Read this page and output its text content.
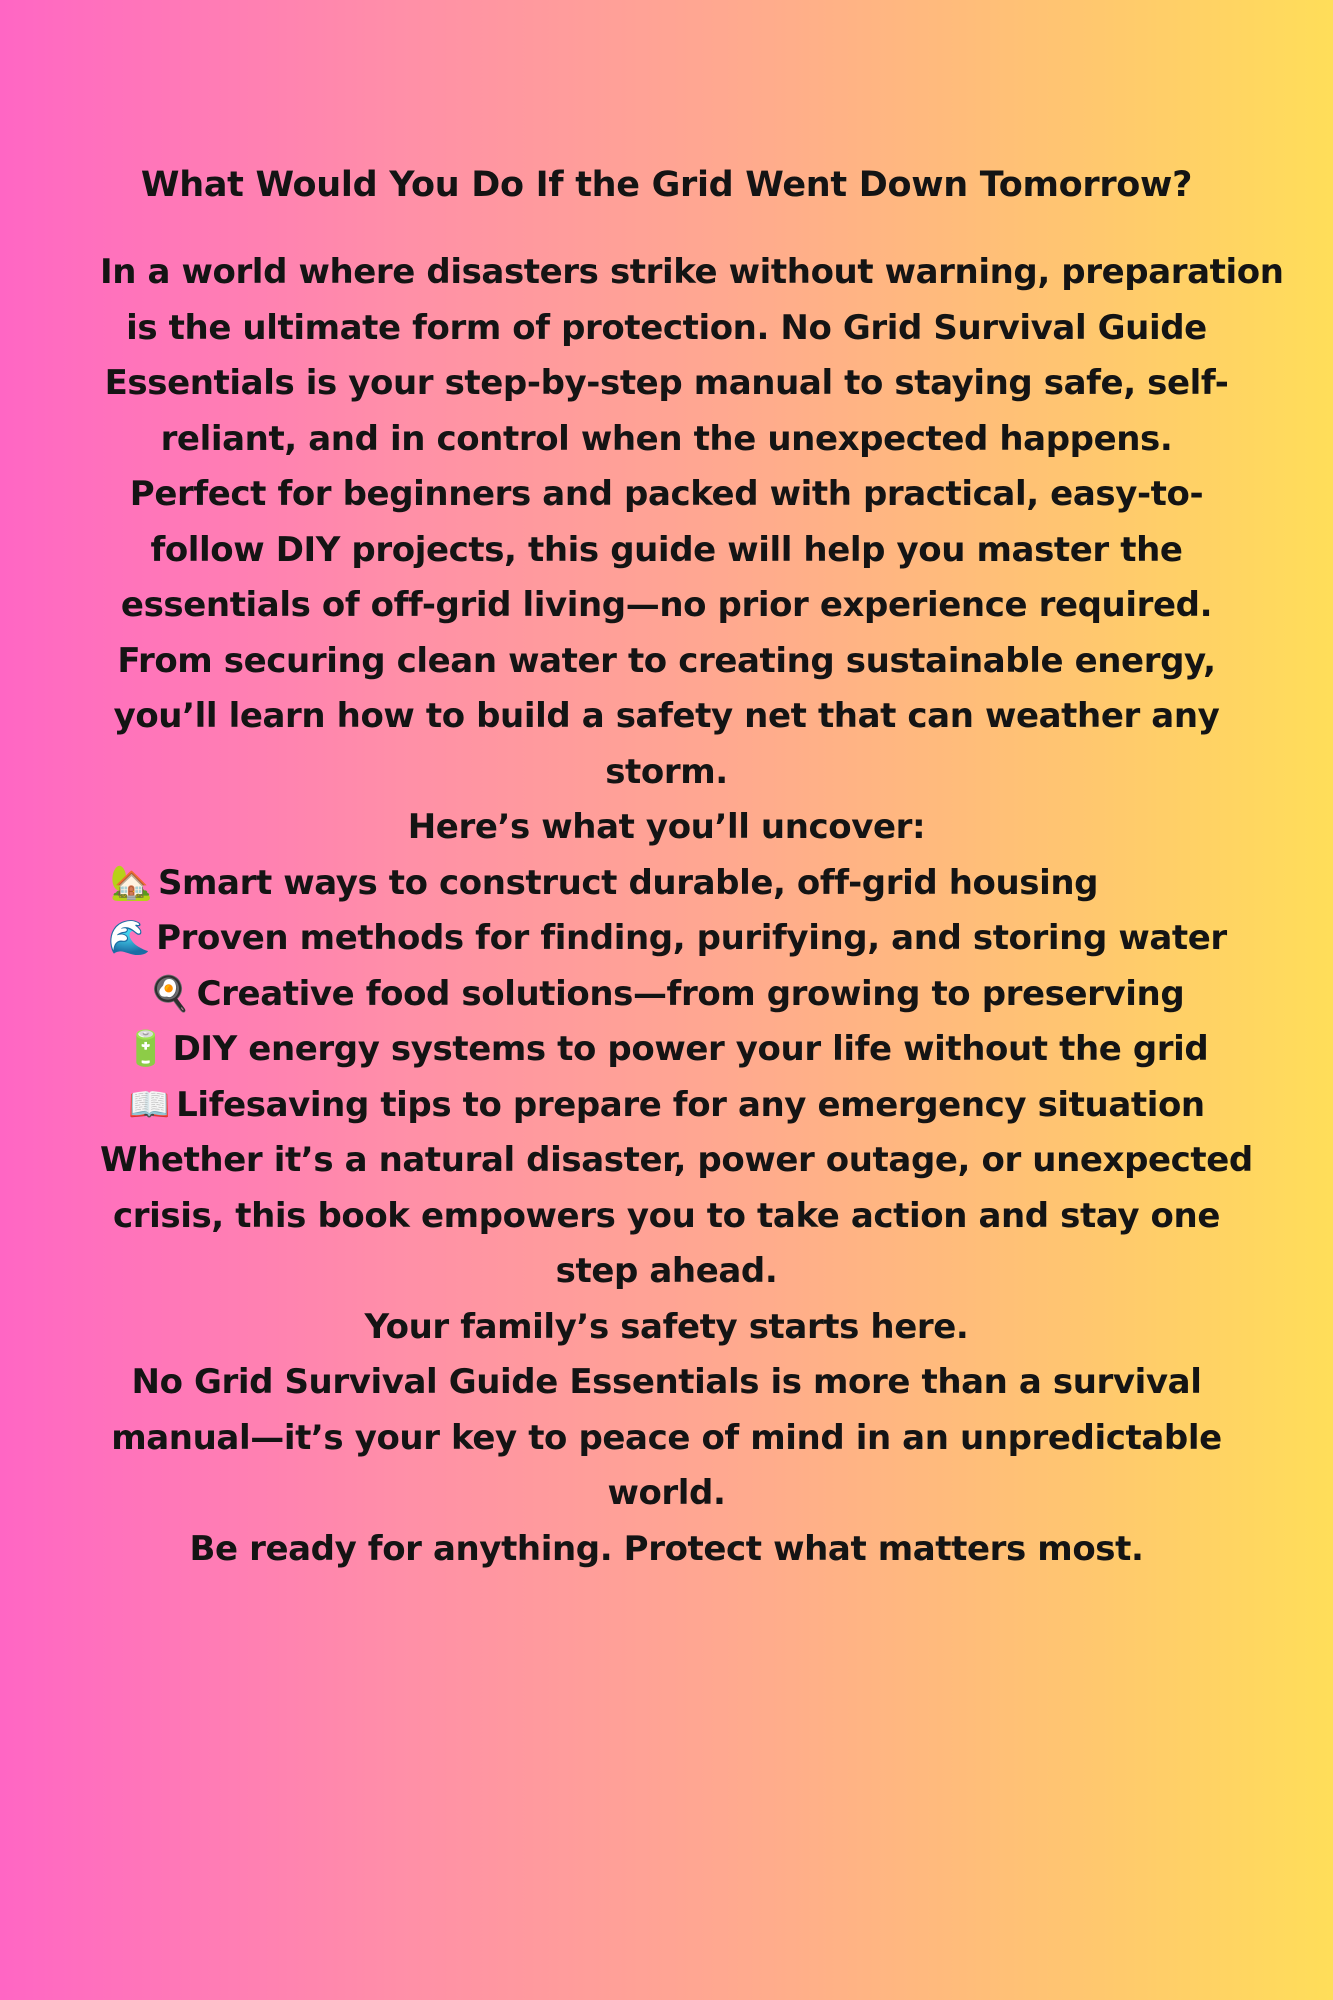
What Would You Do If the Grid Went Down Tomorrow?
In a world where disasters strike without warning, preparation
is the ultimate form of protection. No Grid Survival Guide
Essentials is your step-by-step manual to staying safe, self-
reliant, and in control when the unexpected happens.
Perfect for beginners and packed with practical, easy-to-
follow DIY projects, this guide will help you master the
essentials of off-grid living—no prior experience required.
From securing clean water to creating sustainable energy,
you’ll learn how to build a safety net that can weather any
storm.
Here’s what you’ll uncover:
🏡 Smart ways to construct durable, off-grid housing
🌊 Proven methods for finding, purifying, and storing water
🍳 Creative food solutions—from growing to preserving
🔋 DIY energy systems to power your life without the grid
📖 Lifesaving tips to prepare for any emergency situation
Whether it’s a natural disaster, power outage, or unexpected
crisis, this book empowers you to take action and stay one
step ahead.
Your family’s safety starts here.
No Grid Survival Guide Essentials is more than a survival
manual—it’s your key to peace of mind in an unpredictable
world.
Be ready for anything. Protect what matters most.
